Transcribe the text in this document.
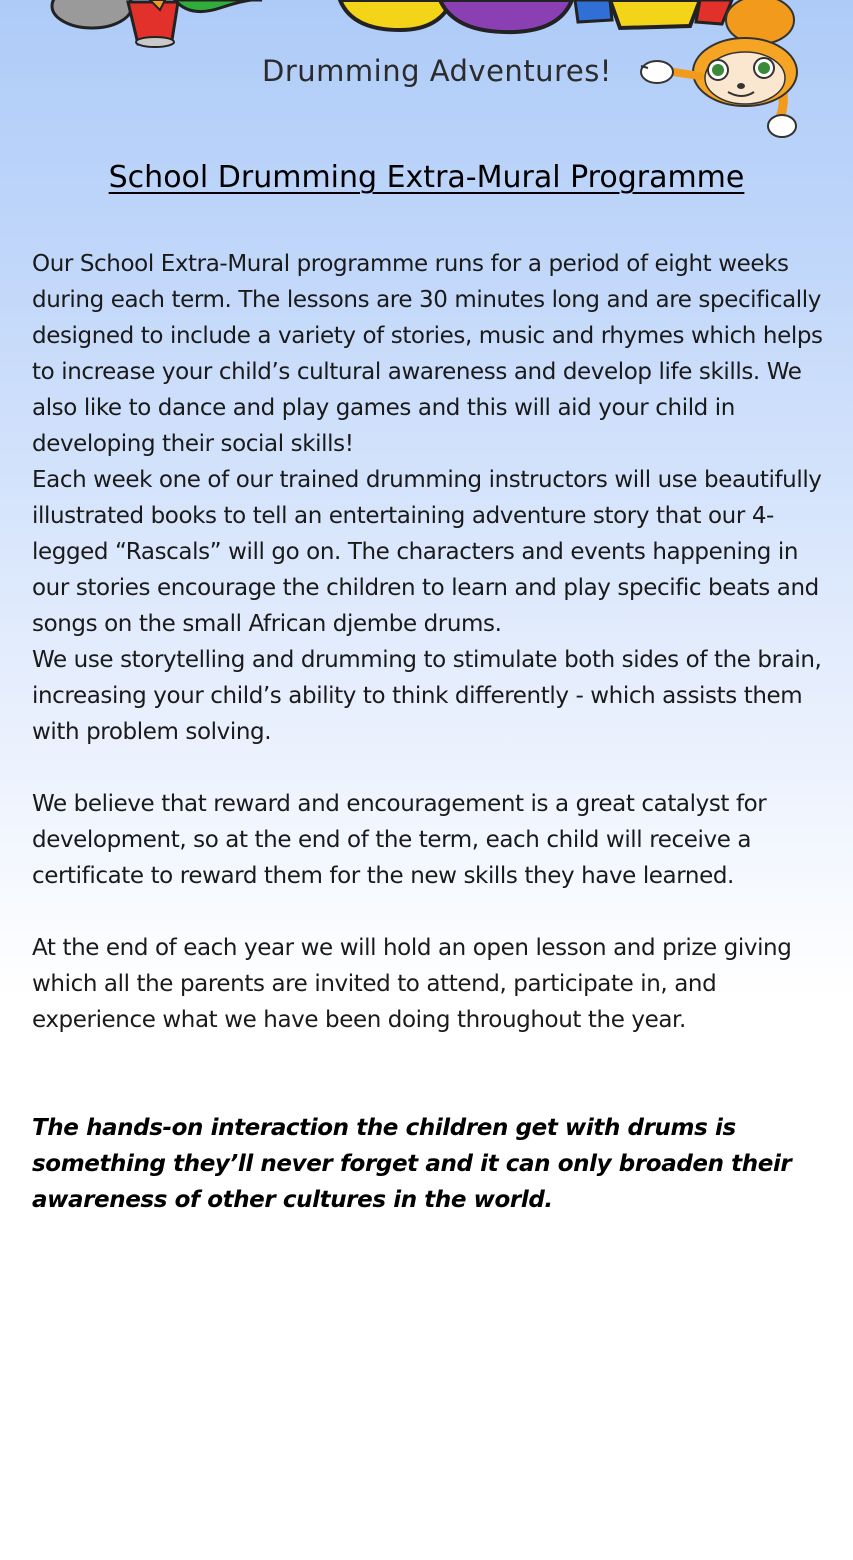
Drumming Adventures!
School Drumming Extra-Mural Programme

Our School Extra-Mural programme runs for a period of eight weeks during each term. The lessons are 30 minutes long and are specifically designed to include a variety of stories, music and rhymes which helps to increase your child’s cultural awareness and develop life skills. We also like to dance and play games and this will aid your child in developing their social skills!

Each week one of our trained drumming instructors will use beautifully illustrated books to tell an entertaining adventure story that our 4-legged “Rascals” will go on. The characters and events happening in our stories encourage the children to learn and play specific beats and songs on the small African djembe drums.

We use storytelling and drumming to stimulate both sides of the brain, increasing your child’s ability to think differently - which assists them with problem solving.

We believe that reward and encouragement is a great catalyst for development, so at the end of the term, each child will receive a certificate to reward them for the new skills they have learned.

At the end of each year we will hold an open lesson and prize giving which all the parents are invited to attend, participate in, and experience what we have been doing throughout the year.

The hands-on interaction the children get with drums is something they’ll never forget and it can only broaden their awareness of other cultures in the world.
